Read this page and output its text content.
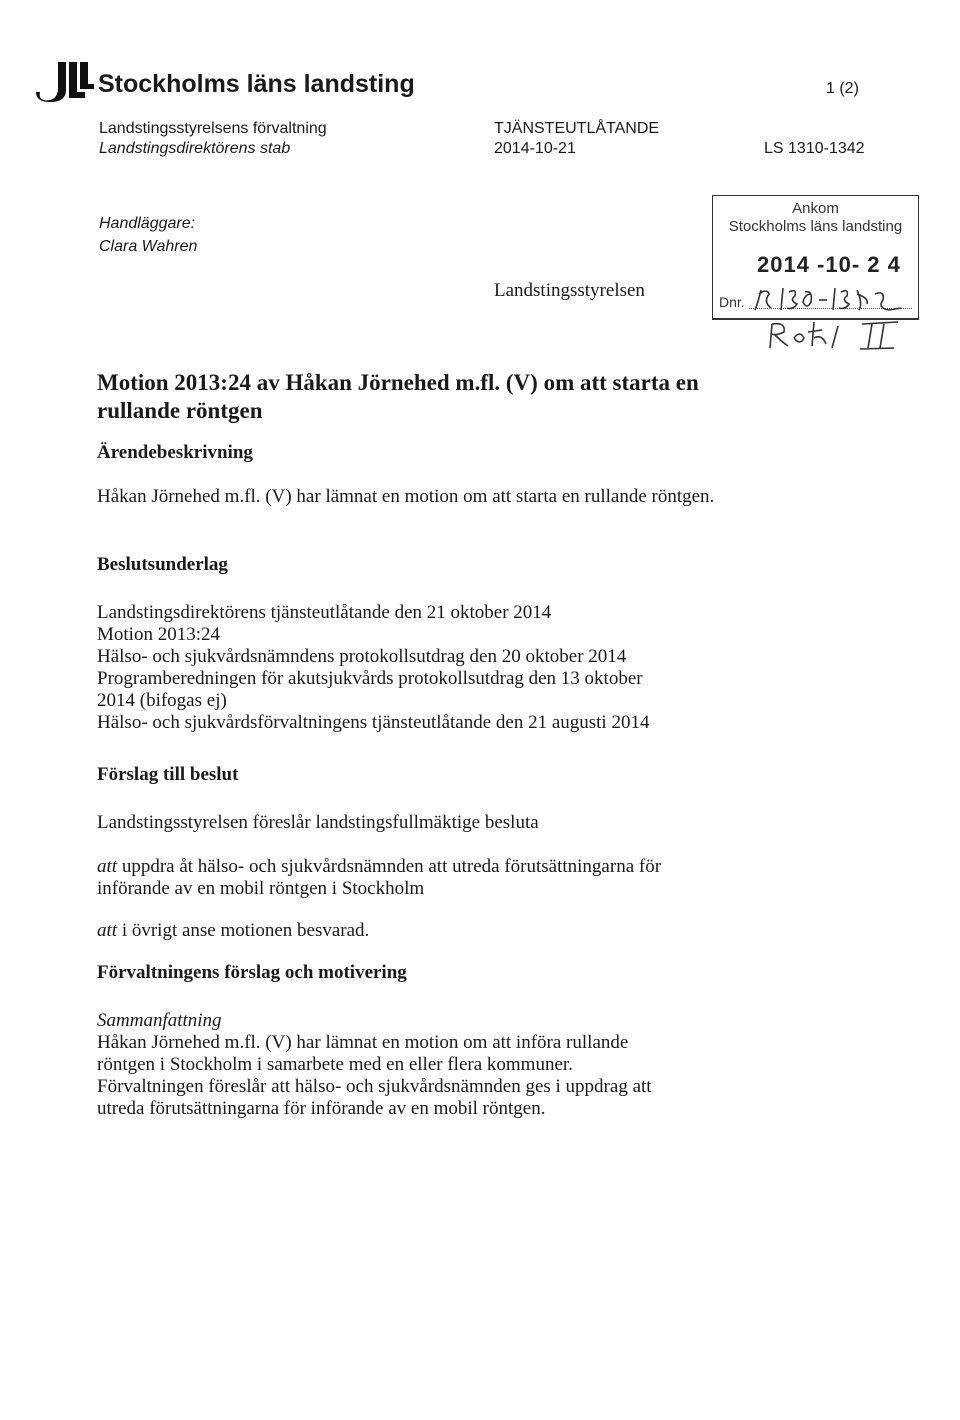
Stockholms läns landsting	1 (2)
Landstingsstyrelsens förvaltning
Landstingsdirektörens stab
TJÄNSTEUTLÅTANDE
2014-10-21	LS 1310-1342
Handläggare:
Clara Wahren
Landstingsstyrelsen
Ankom
Stockholms läns landsting
2014 -10- 2 4
Dnr.
Motion 2013:24 av Håkan Jörnehed m.fl. (V) om att starta en rullande röntgen
Ärendebeskrivning
Håkan Jörnehed m.fl. (V) har lämnat en motion om att starta en rullande röntgen.
Beslutsunderlag
Landstingsdirektörens tjänsteutlåtande den 21 oktober 2014
Motion 2013:24
Hälso- och sjukvårdsnämndens protokollsutdrag den 20 oktober 2014
Programberedningen för akutsjukvårds protokollsutdrag den 13 oktober
2014 (bifogas ej)
Hälso- och sjukvårdsförvaltningens tjänsteutlåtande den 21 augusti 2014
Förslag till beslut
Landstingsstyrelsen föreslår landstingsfullmäktige besluta
att uppdra åt hälso- och sjukvårdsnämnden att utreda förutsättningarna för
införande av en mobil röntgen i Stockholm
att i övrigt anse motionen besvarad.
Förvaltningens förslag och motivering
Sammanfattning
Håkan Jörnehed m.fl. (V) har lämnat en motion om att införa rullande
röntgen i Stockholm i samarbete med en eller flera kommuner.
Förvaltningen föreslår att hälso- och sjukvårdsnämnden ges i uppdrag att
utreda förutsättningarna för införande av en mobil röntgen.
